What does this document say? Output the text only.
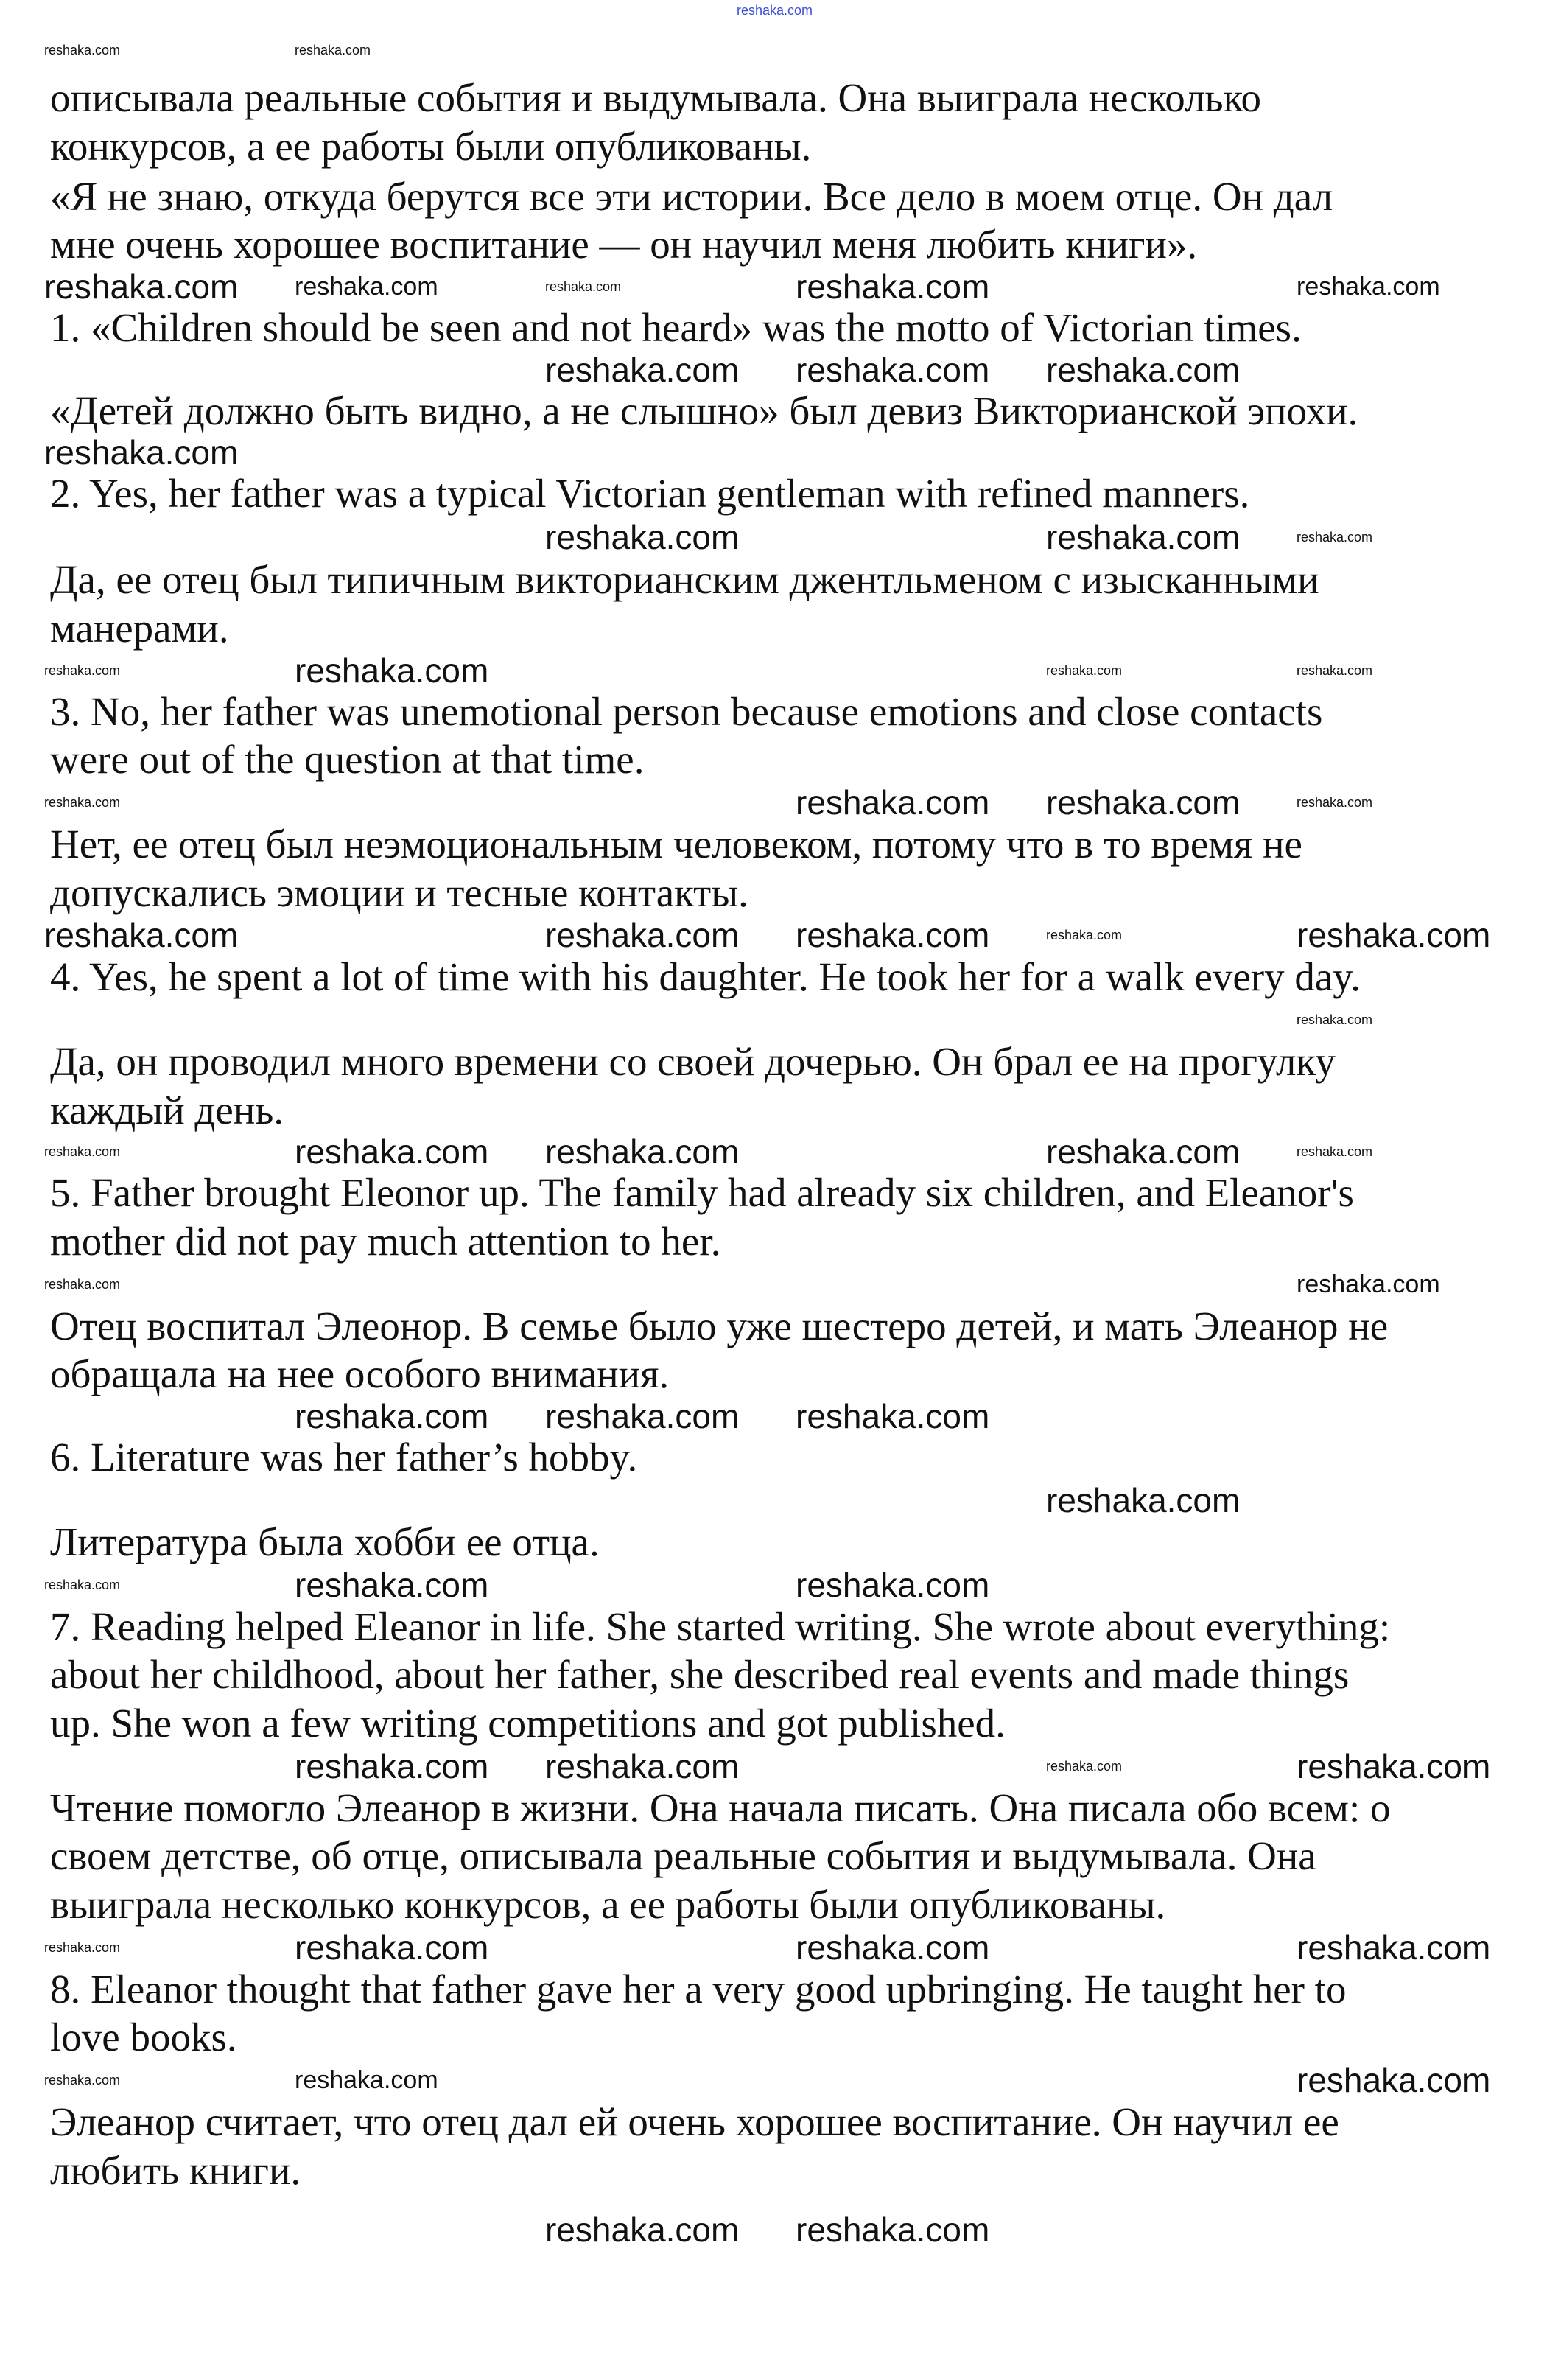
описывала реальные события и выдумывала. Она выиграла несколько
конкурсов, а ее работы были опубликованы.
«Я не знаю, откуда берутся все эти истории. Все дело в моем отце. Он дал
мне очень хорошее воспитание — он научил меня любить книги».
1. «Children should be seen and not heard» was the motto of Victorian times.
«Детей должно быть видно, а не слышно» был девиз Викторианской эпохи.
2. Yes, her father was a typical Victorian gentleman with refined manners.
Да, ее отец был типичным викторианским джентльменом с изысканными
манерами.
3. No, her father was unemotional person because emotions and close contacts
were out of the question at that time.
Нет, ее отец был неэмоциональным человеком, потому что в то время не
допускались эмоции и тесные контакты.
4. Yes, he spent a lot of time with his daughter. He took her for a walk every day.
Да, он проводил много времени со своей дочерью. Он брал ее на прогулку
каждый день.
5. Father brought Eleonor up. The family had already six children, and Eleanor's
mother did not pay much attention to her.
Отец воспитал Элеонор. В семье было уже шестеро детей, и мать Элеанор не
обращала на нее особого внимания.
6. Literature was her father’s hobby.
Литература была хобби ее отца.
7. Reading helped Eleanor in life. She started writing. She wrote about everything:
about her childhood, about her father, she described real events and made things
up. She won a few writing competitions and got published.
Чтение помогло Элеанор в жизни. Она начала писать. Она писала обо всем: о
своем детстве, об отце, описывала реальные события и выдумывала. Она
выиграла несколько конкурсов, а ее работы были опубликованы.
8. Eleanor thought that father gave her a very good upbringing. He taught her to
love books.
Элеанор считает, что отец дал ей очень хорошее воспитание. Он научил ее
любить книги.
reshaka.com
reshaka.com
reshaka.com
reshaka.com reshaka.com reshaka.com
reshaka.com
reshaka.com	reshaka.com
reshaka.com
reshaka.com reshaka.com
reshaka.com	reshaka.com reshaka.com	reshaka.com
reshaka.com	reshaka.com
reshaka.com
reshaka.com
reshaka.com reshaka.com
reshaka.com
reshaka.com	reshaka.com
reshaka.com
reshaka.com reshaka.com
reshaka.com
reshaka.com	reshaka.com
reshaka.com
reshaka.com reshaka.com
reshaka.com	reshaka.com
reshaka.com
reshaka.com
reshaka.com	reshaka.com
reshaka.com
reshaka.com
reshaka.com
reshaka.com
reshaka.com
reshaka.com
reshaka.com
reshaka.com
reshaka.com
reshaka.com
reshaka.com
reshaka.com
reshaka.com
reshaka.com
reshaka.com
reshaka.com
